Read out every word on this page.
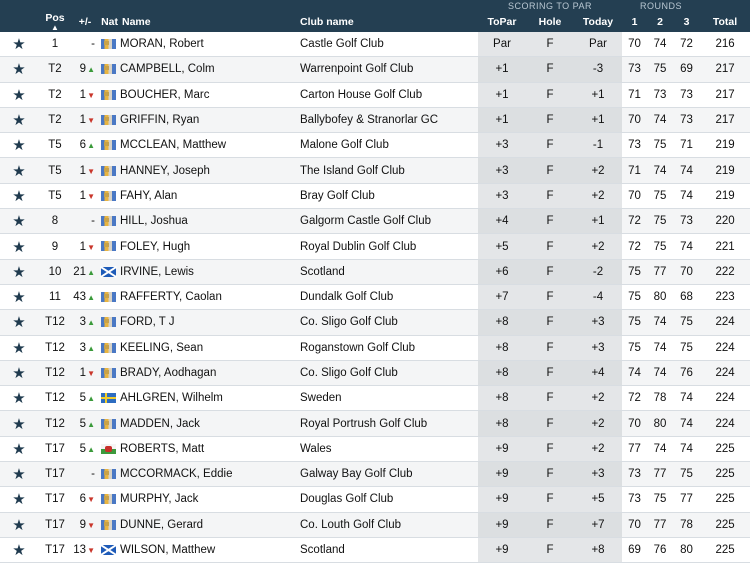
						SCORING TO PAR			ROUNDS			
	Pos
▲	+/-	Nat	Name	Club name	ToPar	Hole	Today	1	2	3	Total
★	1	-		MORAN, Robert	Castle Golf Club	Par	F	Par	70	74	72	216
★	T2	9▲		CAMPBELL, Colm	Warrenpoint Golf Club	+1	F	-3	73	75	69	217
★	T2	1▼		BOUCHER, Marc	Carton House Golf Club	+1	F	+1	71	73	73	217
★	T2	1▼		GRIFFIN, Ryan	Ballybofey & Stranorlar GC	+1	F	+1	70	74	73	217
★	T5	6▲		MCCLEAN, Matthew	Malone Golf Club	+3	F	-1	73	75	71	219
★	T5	1▼		HANNEY, Joseph	The Island Golf Club	+3	F	+2	71	74	74	219
★	T5	1▼		FAHY, Alan	Bray Golf Club	+3	F	+2	70	75	74	219
★	8	-		HILL, Joshua	Galgorm Castle Golf Club	+4	F	+1	72	75	73	220
★	9	1▼		FOLEY, Hugh	Royal Dublin Golf Club	+5	F	+2	72	75	74	221
★	10	21▲		IRVINE, Lewis	Scotland	+6	F	-2	75	77	70	222
★	11	43▲		RAFFERTY, Caolan	Dundalk Golf Club	+7	F	-4	75	80	68	223
★	T12	3▲		FORD, T J	Co. Sligo Golf Club	+8	F	+3	75	74	75	224
★	T12	3▲		KEELING, Sean	Roganstown Golf Club	+8	F	+3	75	74	75	224
★	T12	1▼		BRADY, Aodhagan	Co. Sligo Golf Club	+8	F	+4	74	74	76	224
★	T12	5▲		AHLGREN, Wilhelm	Sweden	+8	F	+2	72	78	74	224
★	T12	5▲		MADDEN, Jack	Royal Portrush Golf Club	+8	F	+2	70	80	74	224
★	T17	5▲		ROBERTS, Matt	Wales	+9	F	+2	77	74	74	225
★	T17	-		MCCORMACK, Eddie	Galway Bay Golf Club	+9	F	+3	73	77	75	225
★	T17	6▼		MURPHY, Jack	Douglas Golf Club	+9	F	+5	73	75	77	225
★	T17	9▼		DUNNE, Gerard	Co. Louth Golf Club	+9	F	+7	70	77	78	225
★	T17	13▼		WILSON, Matthew	Scotland	+9	F	+8	69	76	80	225
